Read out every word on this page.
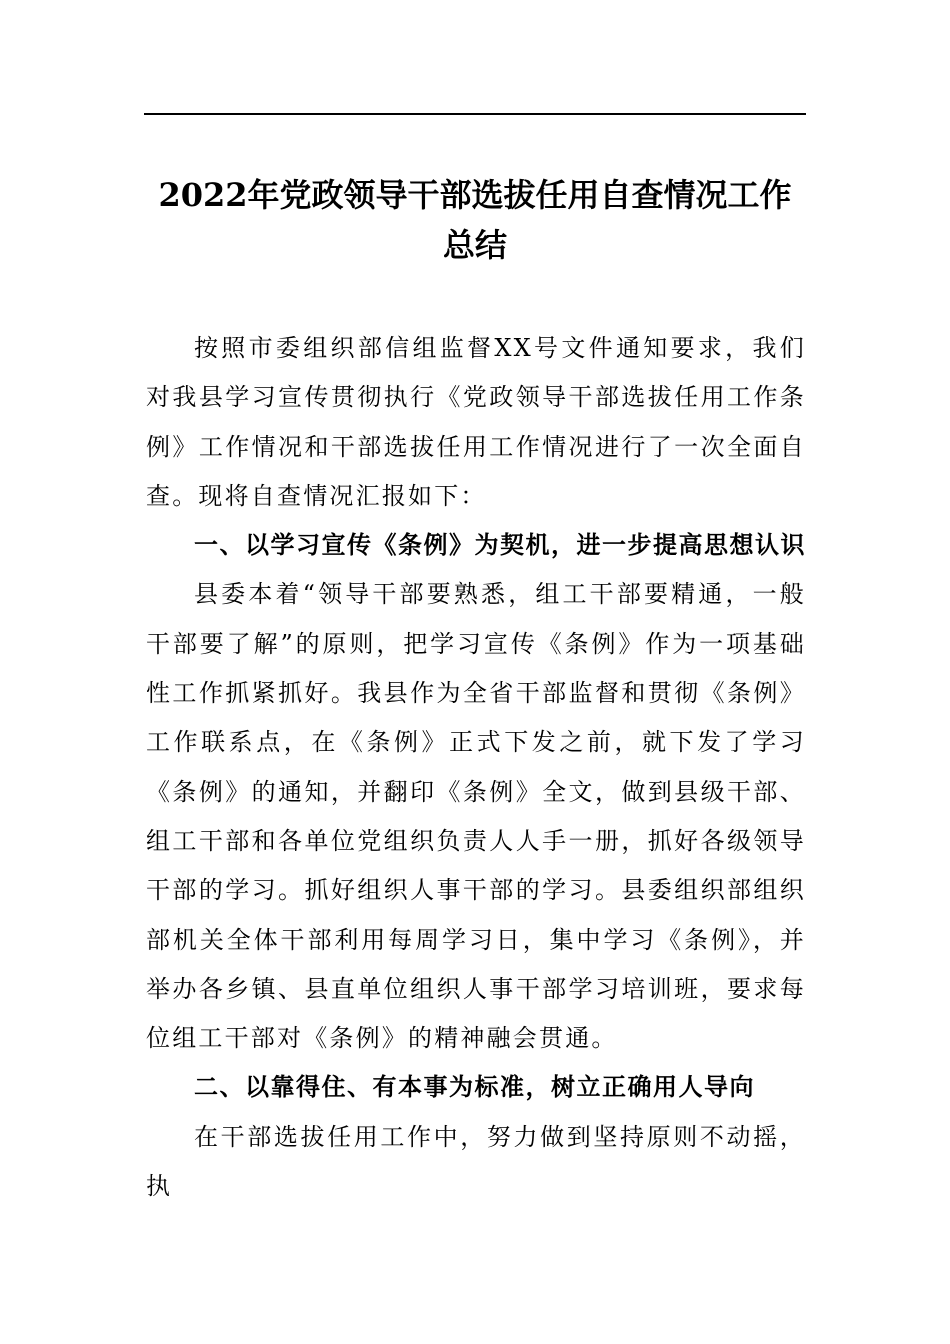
2022年党政领导干部选拔任用自查情况工作总结

按照市委组织部信组监督XX号文件通知要求，我们对我县学习宣传贯彻执行《党政领导干部选拔任用工作条例》工作情况和干部选拔任用工作情况进行了一次全面自查。现将自查情况汇报如下：

一、以学习宣传《条例》为契机，进一步提高思想认识

县委本着“领导干部要熟悉，组工干部要精通，一般干部要了解”的原则，把学习宣传《条例》作为一项基础性工作抓紧抓好。我县作为全省干部监督和贯彻《条例》工作联系点，在《条例》正式下发之前，就下发了学习《条例》的通知，并翻印《条例》全文，做到县级干部、组工干部和各单位党组织负责人人手一册，抓好各级领导干部的学习。抓好组织人事干部的学习。县委组织部组织部机关全体干部利用每周学习日，集中学习《条例》，并举办各乡镇、县直单位组织人事干部学习培训班，要求每位组工干部对《条例》的精神融会贯通。

二、以靠得住、有本事为标准，树立正确用人导向

在干部选拔任用工作中，努力做到坚持原则不动摇，执
